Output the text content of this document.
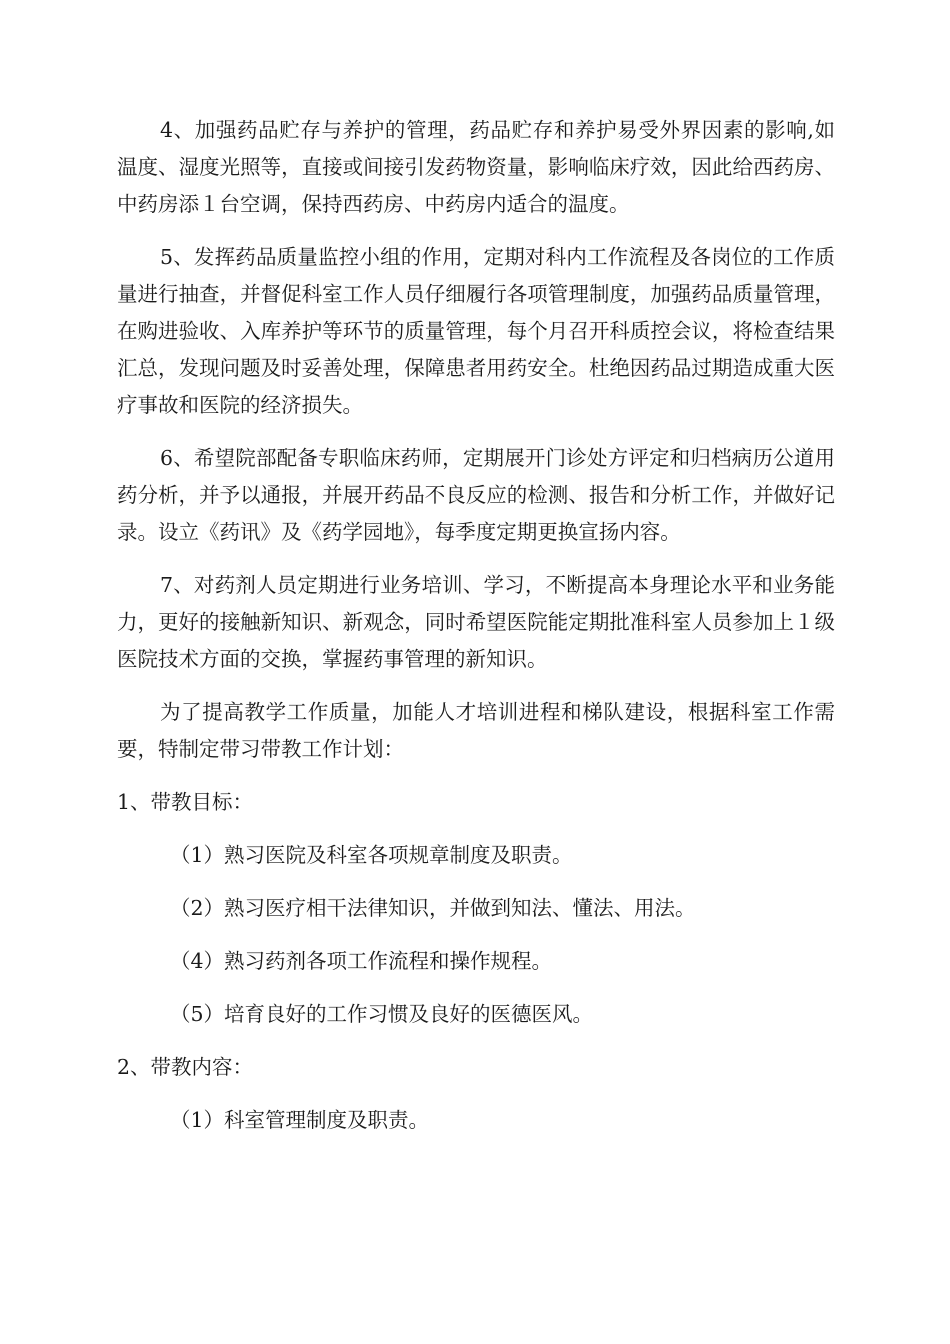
4、加强药品贮存与养护的管理，药品贮存和养护易受外界因素的影响,如温度、湿度光照等，直接或间接引发药物资量，影响临床疗效，因此给西药房、中药房添１台空调，保持西药房、中药房内适合的温度。

5、发挥药品质量监控小组的作用，定期对科内工作流程及各岗位的工作质量进行抽查，并督促科室工作人员仔细履行各项管理制度，加强药品质量管理，在购进验收、入库养护等环节的质量管理，每个月召开科质控会议，将检查结果汇总，发现问题及时妥善处理，保障患者用药安全。杜绝因药品过期造成重大医疗事故和医院的经济损失。

6、希望院部配备专职临床药师，定期展开门诊处方评定和归档病历公道用药分析，并予以通报，并展开药品不良反应的检测、报告和分析工作，并做好记录。设立《药讯》及《药学园地》，每季度定期更换宣扬内容。

7、对药剂人员定期进行业务培训、学习，不断提高本身理论水平和业务能力，更好的接触新知识、新观念，同时希望医院能定期批准科室人员参加上１级医院技术方面的交换，掌握药事管理的新知识。

为了提高教学工作质量，加能人才培训进程和梯队建设，根据科室工作需要，特制定带习带教工作计划：

1、带教目标：

（1）熟习医院及科室各项规章制度及职责。

（2）熟习医疗相干法律知识，并做到知法、懂法、用法。

（4）熟习药剂各项工作流程和操作规程。

（5）培育良好的工作习惯及良好的医德医风。

2、带教内容：

（1）科室管理制度及职责。
